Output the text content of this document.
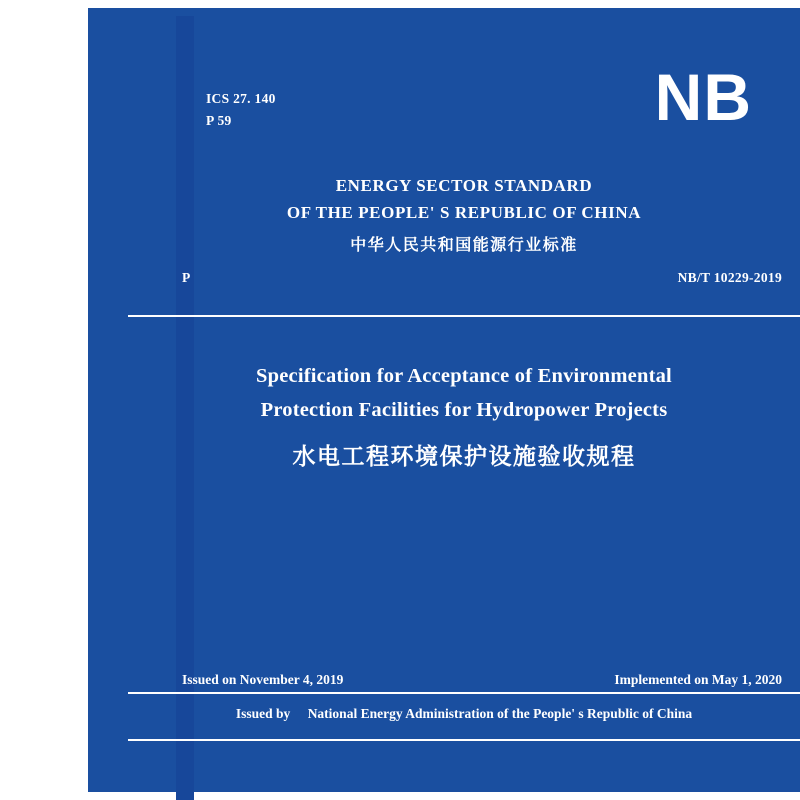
ICS 27. 140
P 59	NB
ENERGY SECTOR STANDARD
OF THE PEOPLE' S REPUBLIC OF CHINA
中华人民共和国能源行业标准
P	NB/T 10229-2019
Specification for Acceptance of Environmental
Protection Facilities for Hydropower Projects
水电工程环境保护设施验收规程
Issued on November 4, 2019	Implemented on May 1, 2020
Issued by National Energy Administration of the People' s Republic of China
